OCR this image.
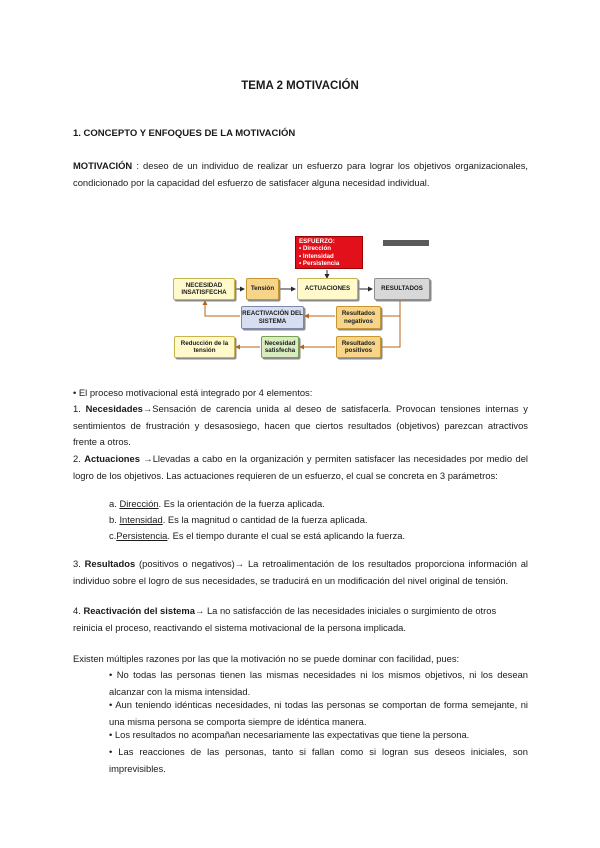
TEMA 2 MOTIVACIÓN
1. CONCEPTO Y ENFOQUES DE LA MOTIVACIÓN
MOTIVACIÓN : deseo de un individuo de realizar un esfuerzo para lograr los objetivos organizacionales, condicionado por la capacidad del esfuerzo de satisfacer alguna necesidad individual.
ESFUERZO:
• Dirección
• Intensidad
• Persistencia
NECESIDAD INSATISFECHA
Tensión	ACTUACIONES	RESULTADOS
REACTIVACIÓN DEL SISTEMA
Resultados negativos
Reducción de la tensión
Necesidad satisfecha
Resultados positivos
• El proceso motivacional está integrado por 4 elementos:
1. Necesidades→Sensación de carencia unida al deseo de satisfacerla. Provocan tensiones internas y sentimientos de frustración y desasosiego, hacen que ciertos resultados (objetivos) parezcan atractivos frente a otros.
2. Actuaciones →Llevadas a cabo en la organización y permiten satisfacer las necesidades por medio del logro de los objetivos. Las actuaciones requieren de un esfuerzo, el cual se concreta en 3 parámetros:
a. Dirección. Es la orientación de la fuerza aplicada.
b. Intensidad. Es la magnitud o cantidad de la fuerza aplicada.
c.Persistencia. Es el tiempo durante el cual se está aplicando la fuerza.
3. Resultados (positivos o negativos)→ La retroalimentación de los resultados proporciona información al individuo sobre el logro de sus necesidades, se traducirá en un modificación del nivel original de tensión.
4. Reactivación del sistema→ La no satisfacción de las necesidades iniciales o surgimiento de otros reinicia el proceso, reactivando el sistema motivacional de la persona implicada.
Existen múltiples razones por las que la motivación no se puede dominar con facilidad, pues:
• No todas las personas tienen las mismas necesidades ni los mismos objetivos, ni los desean alcanzar con la misma intensidad.
• Aun teniendo idénticas necesidades, ni todas las personas se comportan de forma semejante, ni una misma persona se comporta siempre de idéntica manera.
• Los resultados no acompañan necesariamente las expectativas que tiene la persona.
• Las reacciones de las personas, tanto si fallan como si logran sus deseos iniciales, son imprevisibles.
